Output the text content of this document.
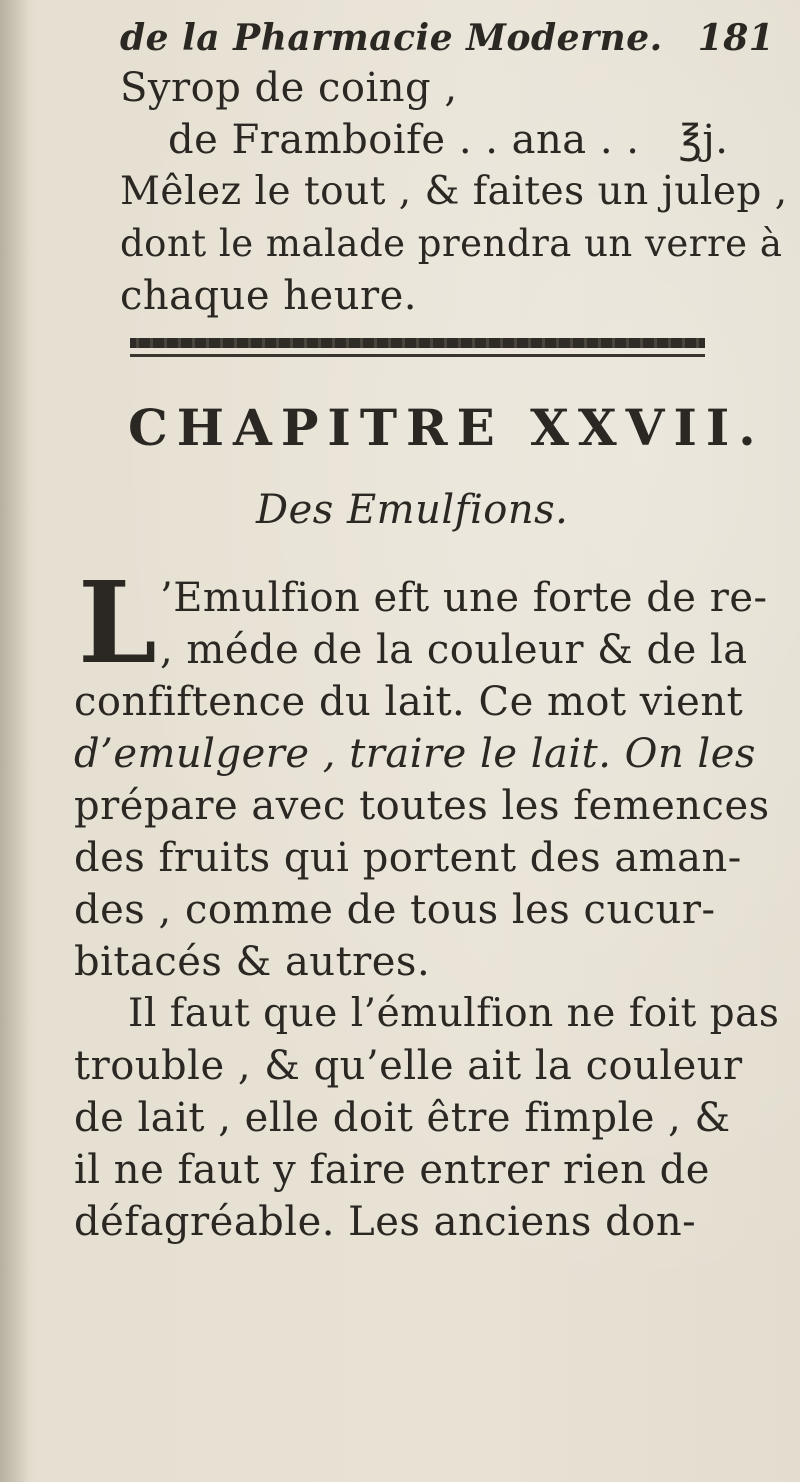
de la Pharmacie Moderne. 181
Syrop de coing ,
de Framboife . . ana . . ℥j.
Mêlez le tout , & faites un julep ,
dont le malade prendra un verre à
chaque heure.
CHAPITRE XXVII.
Des Emulfions.
L ’Emulfion eft une forte de re-
, méde de la couleur & de la
confiftence du lait. Ce mot vient
d’emulgere , traire le lait. On les
prépare avec toutes les femences
des fruits qui portent des aman-
des , comme de tous les cucur-
bitacés & autres.
Il faut que l’émulfion ne foit pas
trouble , & qu’elle ait la couleur
de lait , elle doit être fimple , &
il ne faut y faire entrer rien de
défagréable. Les anciens don-
